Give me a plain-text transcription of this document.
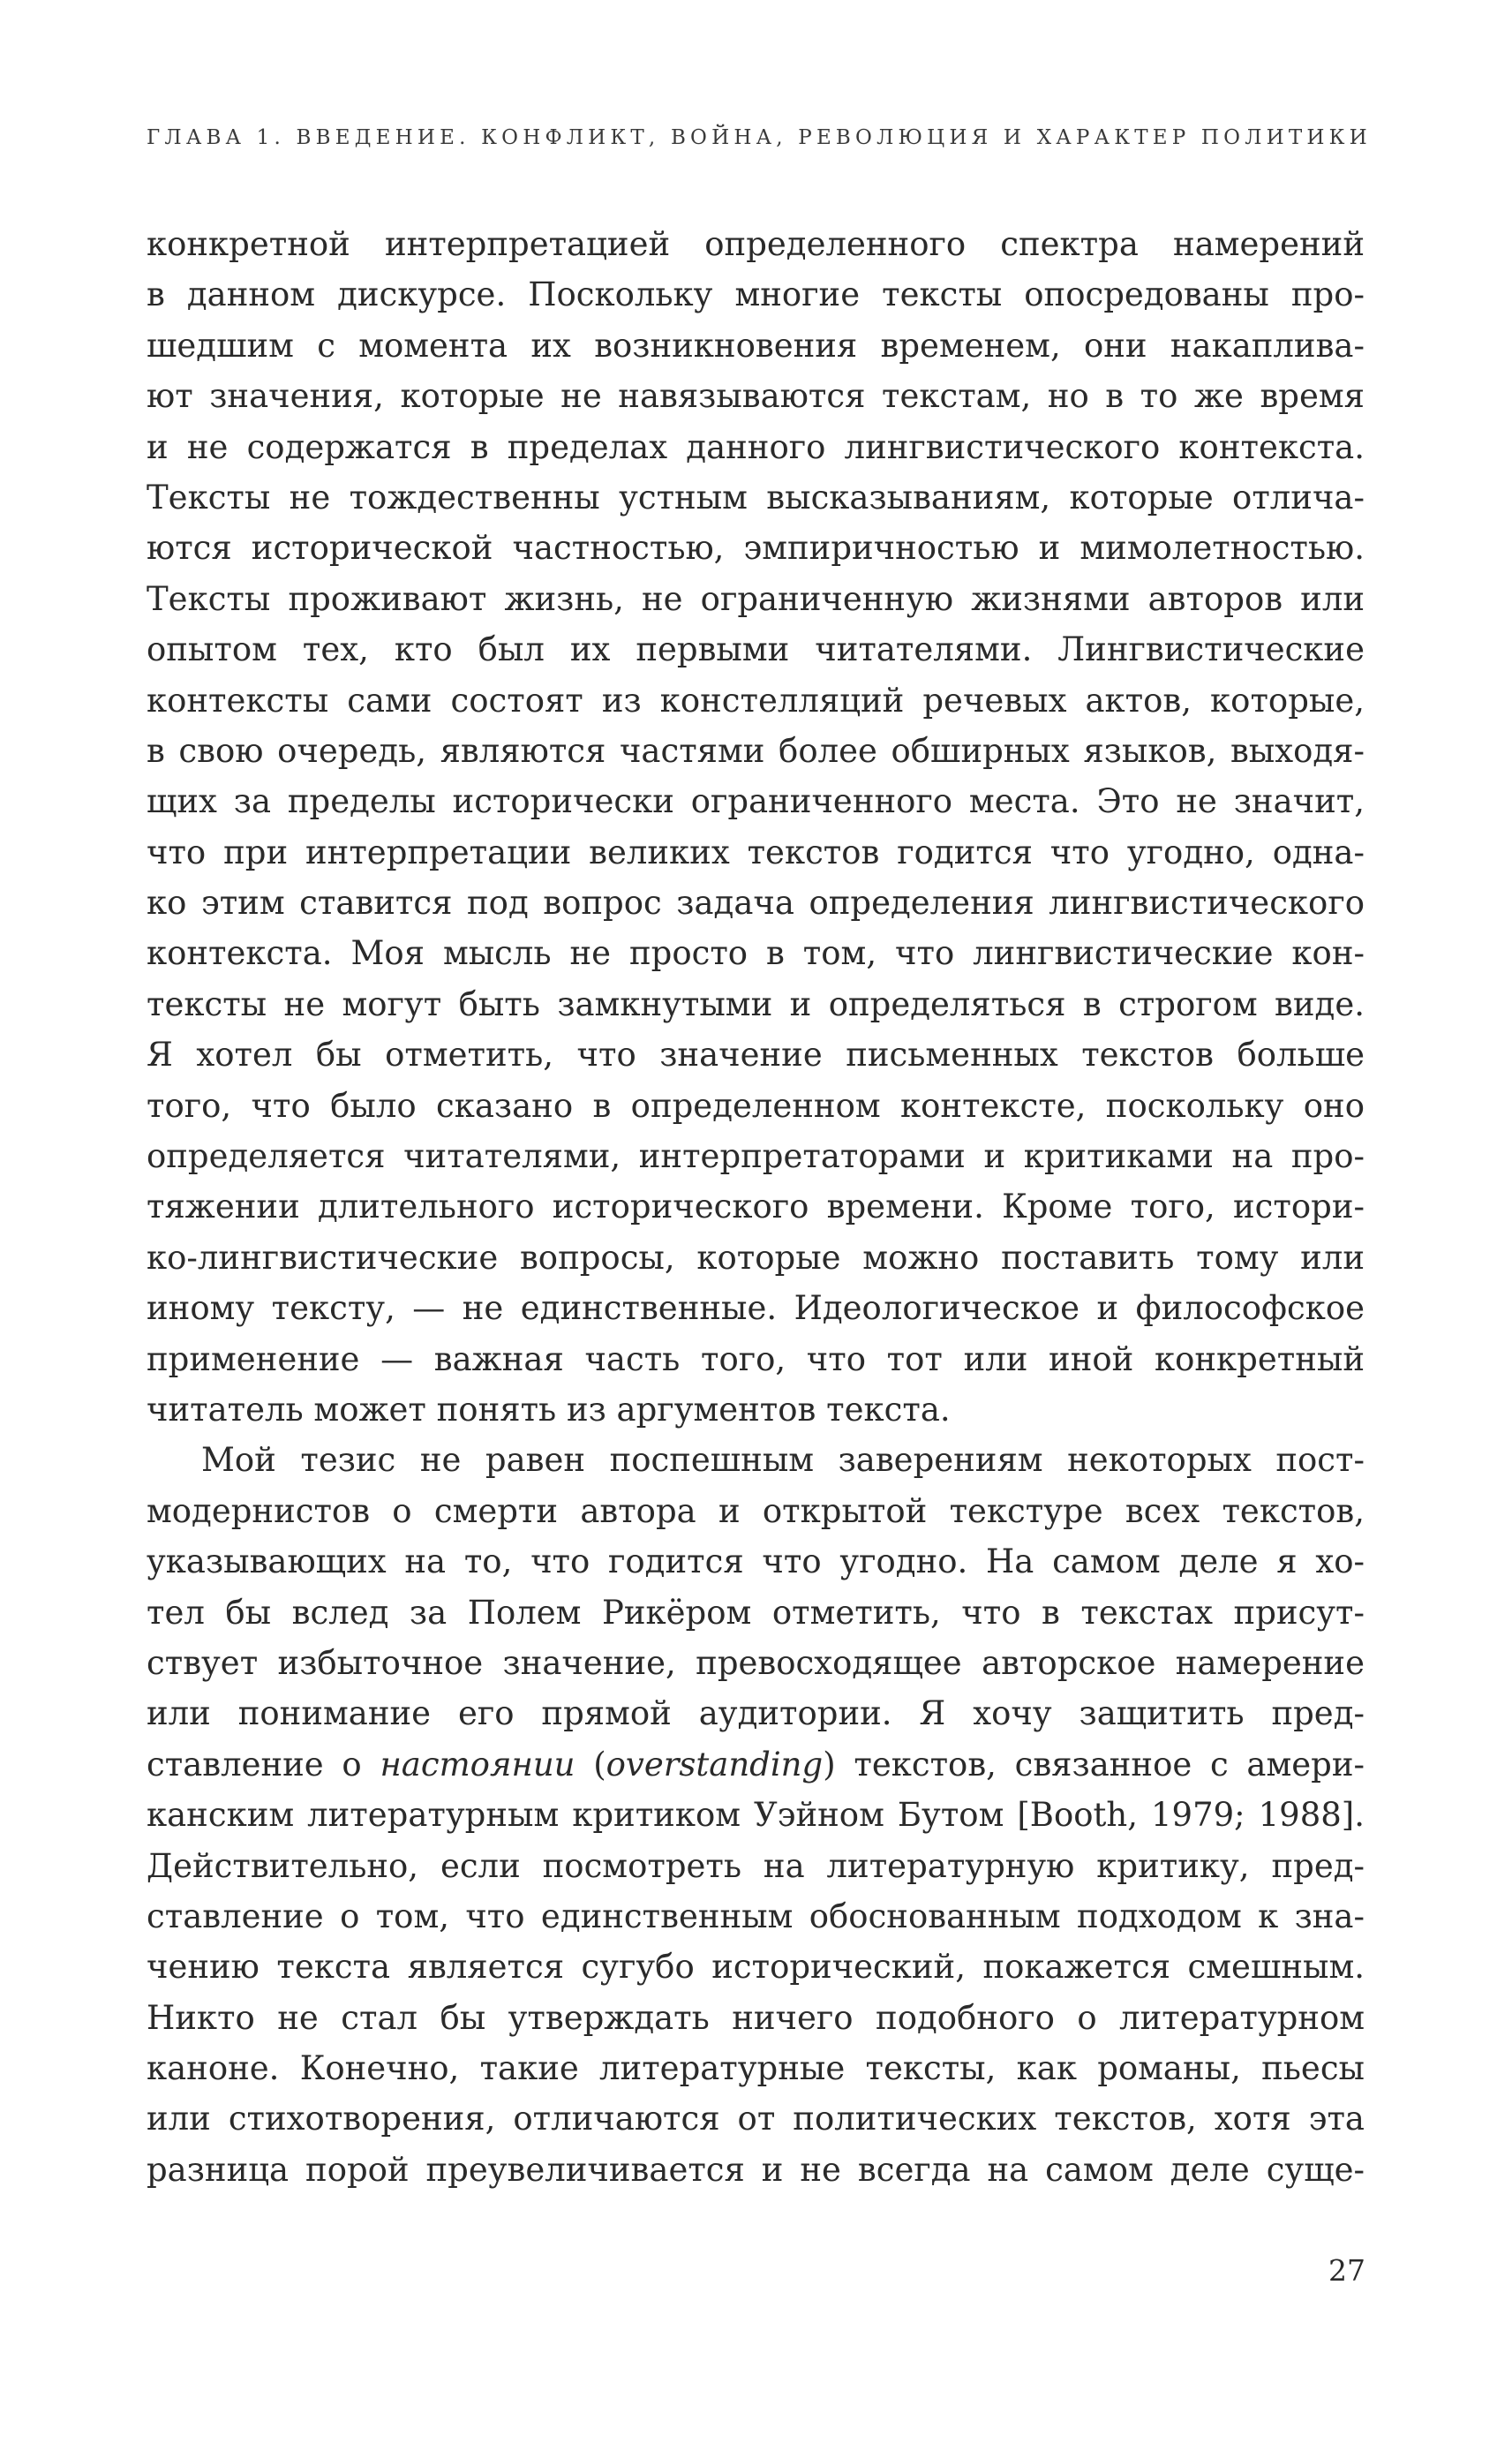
ГЛАВА 1. ВВЕДЕНИЕ. КОНФЛИКТ, ВОЙНА, РЕВОЛЮЦИЯ И ХАРАКТЕР ПОЛИТИКИ
конкретной интерпретацией определенного спектра намерений
в данном дискурсе. Поскольку многие тексты опосредованы про-
шедшим с момента их возникновения временем, они накаплива-
ют значения, которые не навязываются текстам, но в то же время
и не содержатся в пределах данного лингвистического контекста.
Тексты не тождественны устным высказываниям, которые отлича-
ются исторической частностью, эмпиричностью и мимолетностью.
Тексты проживают жизнь, не ограниченную жизнями авторов или
опытом тех, кто был их первыми читателями. Лингвистические
контексты сами состоят из констелляций речевых актов, которые,
в свою очередь, являются частями более обширных языков, выходя-
щих за пределы исторически ограниченного места. Это не значит,
что при интерпретации великих текстов годится что угодно, одна-
ко этим ставится под вопрос задача определения лингвистического
контекста. Моя мысль не просто в том, что лингвистические кон-
тексты не могут быть замкнутыми и определяться в строгом виде.
Я хотел бы отметить, что значение письменных текстов больше
того, что было сказано в определенном контексте, поскольку оно
определяется читателями, интерпретаторами и критиками на про-
тяжении длительного исторического времени. Кроме того, истори-
ко-лингвистические вопросы, которые можно поставить тому или
иному тексту, — не единственные. Идеологическое и философское
применение — важная часть того, что тот или иной конкретный
читатель может понять из аргументов текста.
Мой тезис не равен поспешным заверениям некоторых пост-
модернистов о смерти автора и открытой текстуре всех текстов,
указывающих на то, что годится что угодно. На самом деле я хо-
тел бы вслед за Полем Рикёром отметить, что в текстах присут-
ствует избыточное значение, превосходящее авторское намерение
или понимание его прямой аудитории. Я хочу защитить пред-
ставление о настоянии (overstanding) текстов, связанное с амери-
канским литературным критиком Уэйном Бутом [Booth, 1979; 1988].
Действительно, если посмотреть на литературную критику, пред-
ставление о том, что единственным обоснованным подходом к зна-
чению текста является сугубо исторический, покажется смешным.
Никто не стал бы утверждать ничего подобного о литературном
каноне. Конечно, такие литературные тексты, как романы, пьесы
или стихотворения, отличаются от политических текстов, хотя эта
разница порой преувеличивается и не всегда на самом деле суще-
27
